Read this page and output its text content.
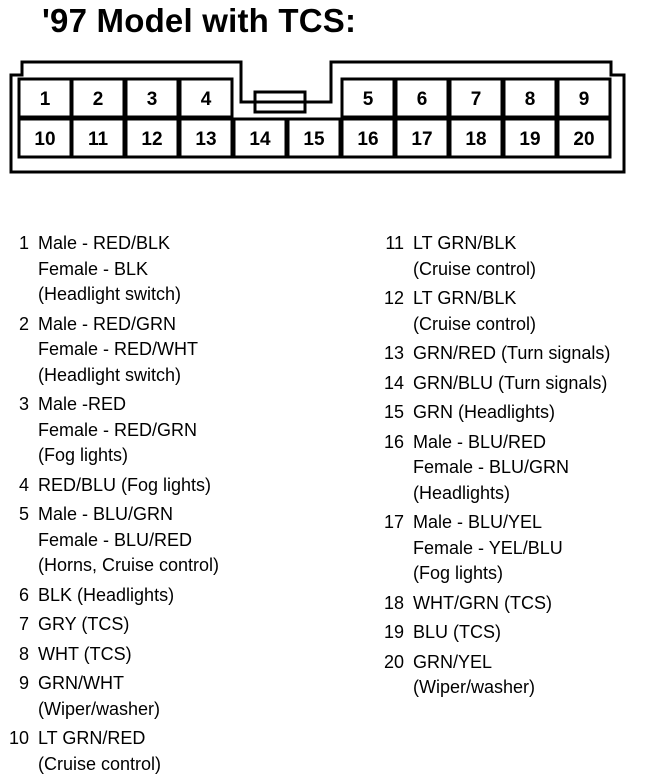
'97 Model with TCS:
1 2 3 4	5 6 7 8 9
10 11 12 13 14 15 16 17 18 19 20
1 Male - RED/BLK
Female - BLK
(Headlight switch)
2 Male - RED/GRN
Female - RED/WHT
(Headlight switch)
3 Male -RED
Female - RED/GRN
(Fog lights)
4 RED/BLU (Fog lights)
5 Male - BLU/GRN
Female - BLU/RED
(Horns, Cruise control)
6 BLK (Headlights)
7 GRY (TCS)
8 WHT (TCS)
9 GRN/WHT
(Wiper/washer)
10 LT GRN/RED
(Cruise control)
11 LT GRN/BLK
(Cruise control)
12 LT GRN/BLK
(Cruise control)
13 GRN/RED (Turn signals)
14 GRN/BLU (Turn signals)
15 GRN (Headlights)
16 Male - BLU/RED
Female - BLU/GRN
(Headlights)
17 Male - BLU/YEL
Female - YEL/BLU
(Fog lights)
18 WHT/GRN (TCS)
19 BLU (TCS)
20 GRN/YEL
(Wiper/washer)
